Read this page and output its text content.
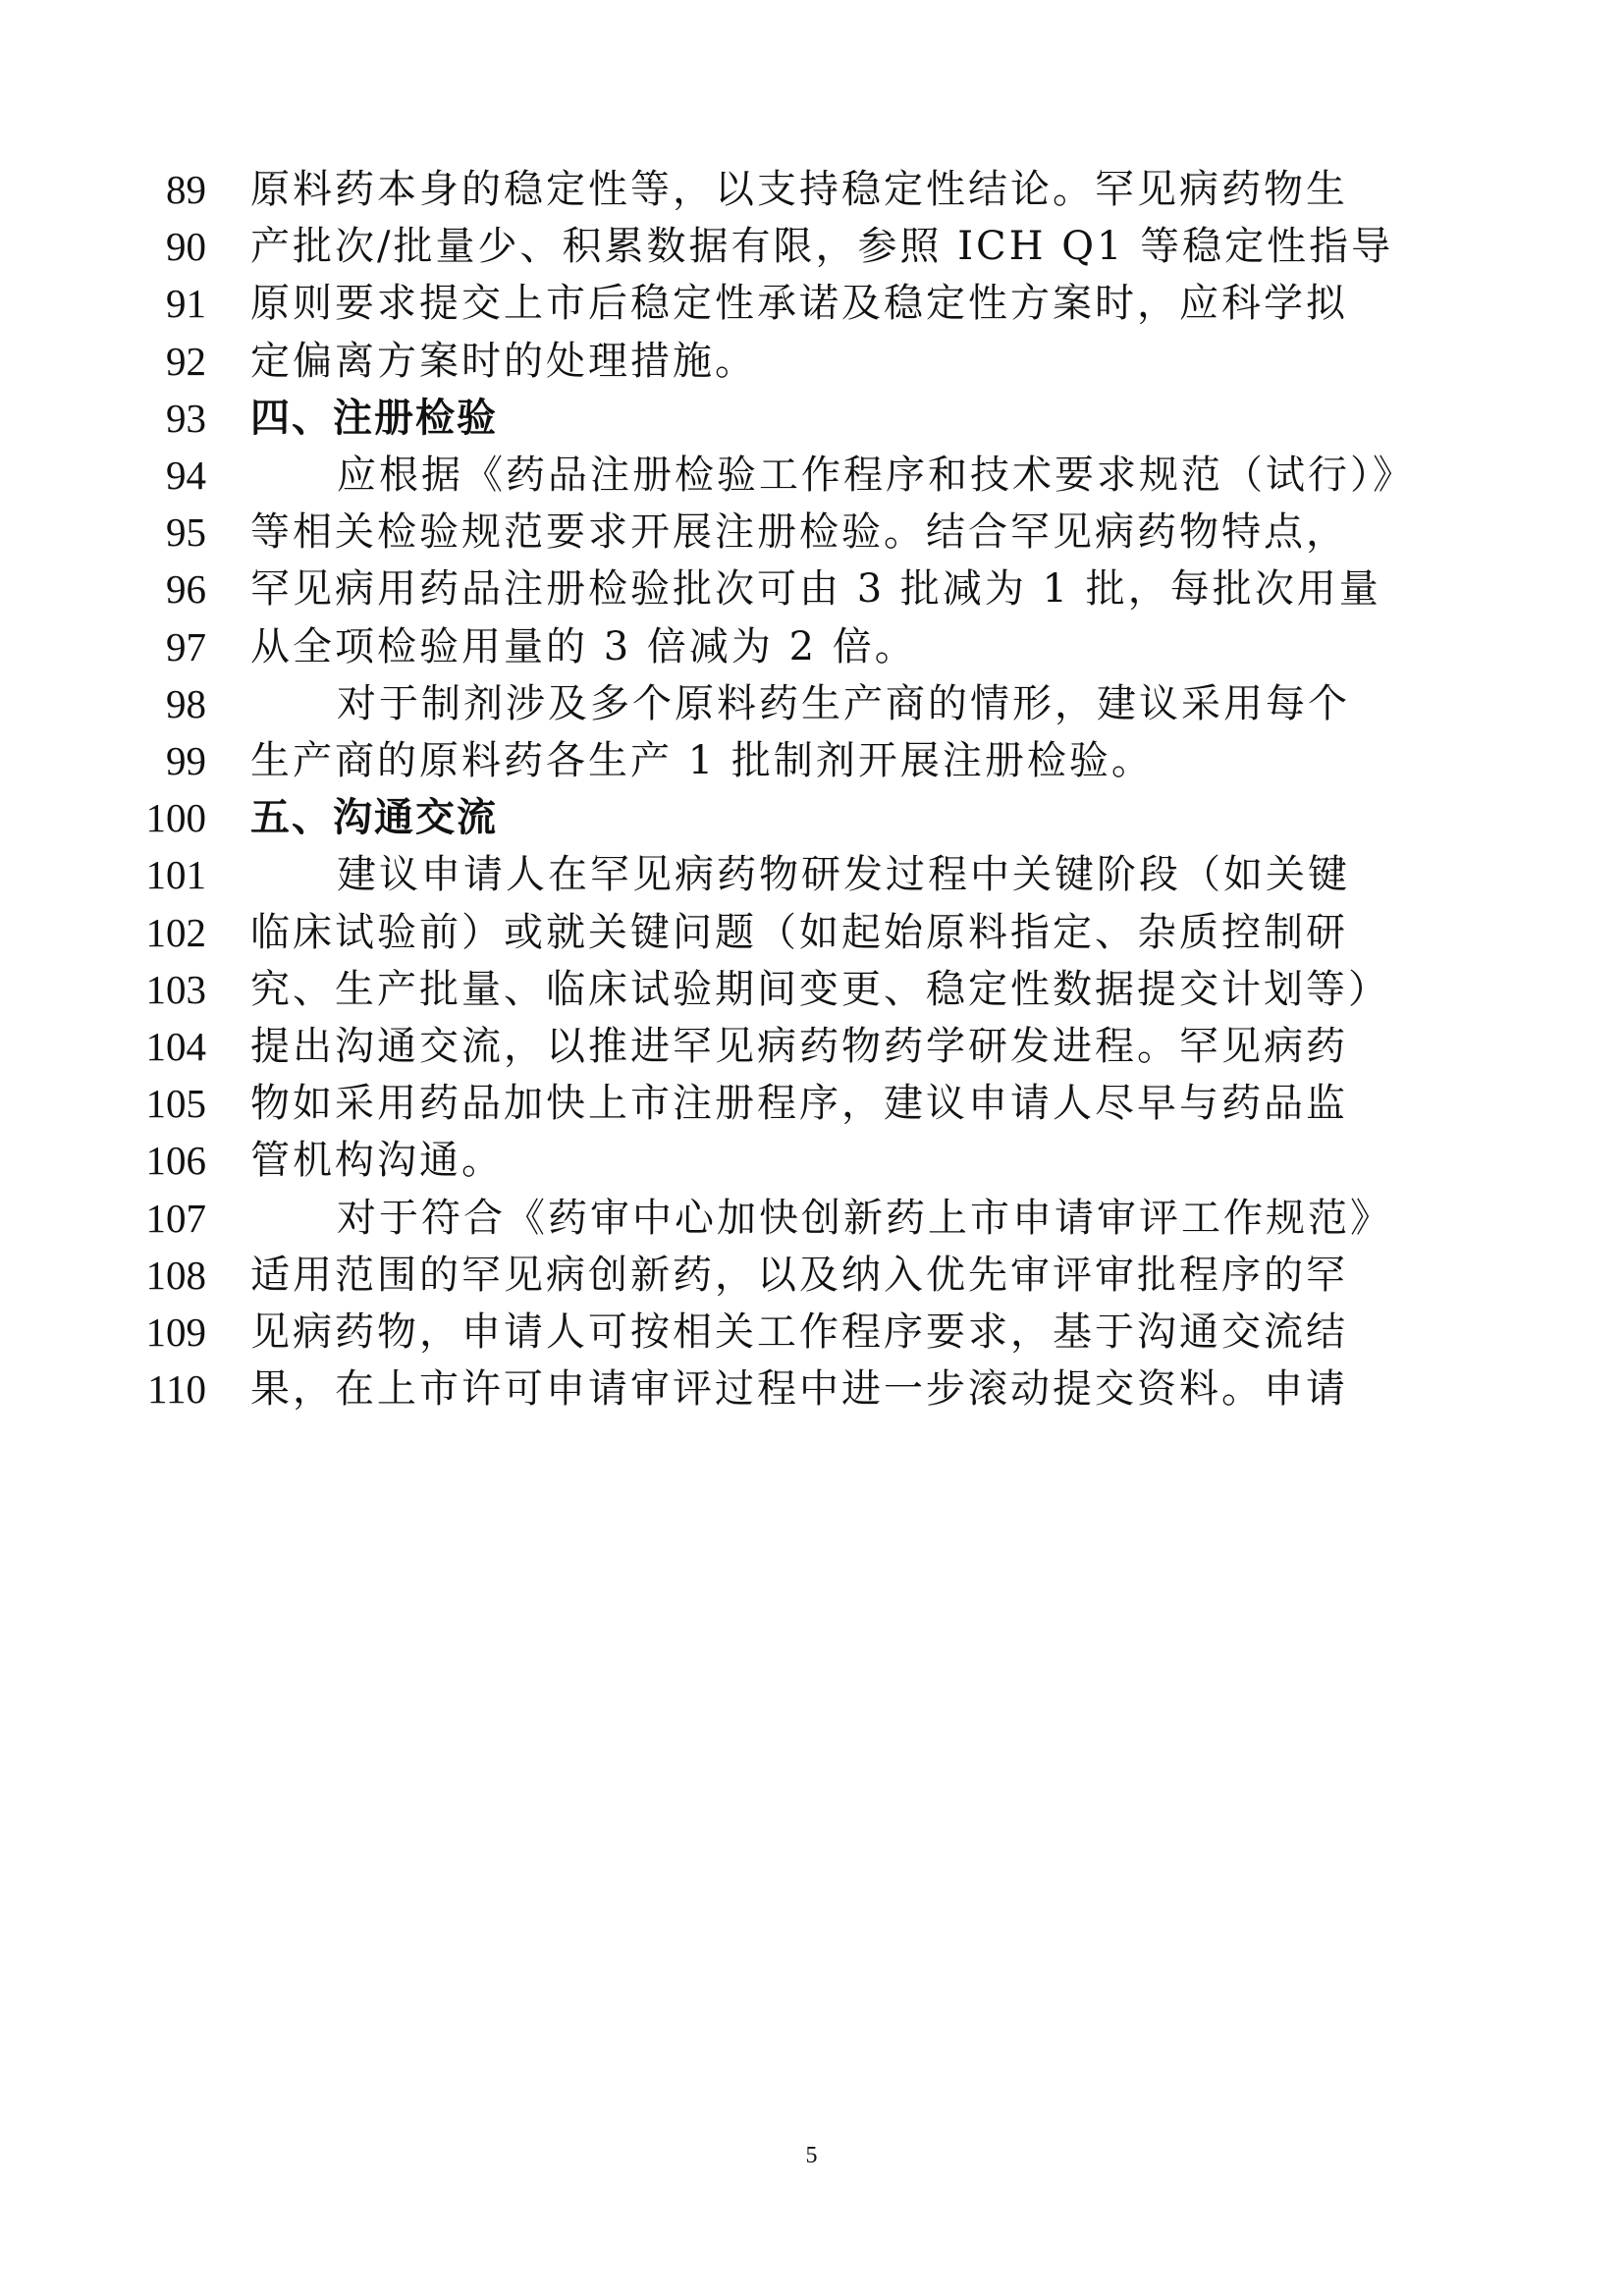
89 原料药本身的稳定性等，以支持稳定性结论。罕见病药物生
90 产批次/批量少、积累数据有限，参照 ICH Q1 等稳定性指导
91 原则要求提交上市后稳定性承诺及稳定性方案时，应科学拟
92 定偏离方案时的处理措施。
93 四、注册检验
94	应根据《药品注册检验工作程序和技术要求规范（试行）》
95 等相关检验规范要求开展注册检验。结合罕见病药物特点，
96 罕见病用药品注册检验批次可由 3 批减为 1 批，每批次用量
97 从全项检验用量的 3 倍减为 2 倍。
98	对于制剂涉及多个原料药生产商的情形，建议采用每个
99 生产商的原料药各生产 1 批制剂开展注册检验。
100 五、沟通交流
101	建议申请人在罕见病药物研发过程中关键阶段（如关键
102 临床试验前）或就关键问题（如起始原料指定、杂质控制研
103 究、生产批量、临床试验期间变更、稳定性数据提交计划等）
104 提出沟通交流，以推进罕见病药物药学研发进程。罕见病药
105 物如采用药品加快上市注册程序，建议申请人尽早与药品监
106 管机构沟通。
107	对于符合《药审中心加快创新药上市申请审评工作规范》
108 适用范围的罕见病创新药，以及纳入优先审评审批程序的罕
109 见病药物，申请人可按相关工作程序要求，基于沟通交流结
110 果，在上市许可申请审评过程中进一步滚动提交资料。申请
5
